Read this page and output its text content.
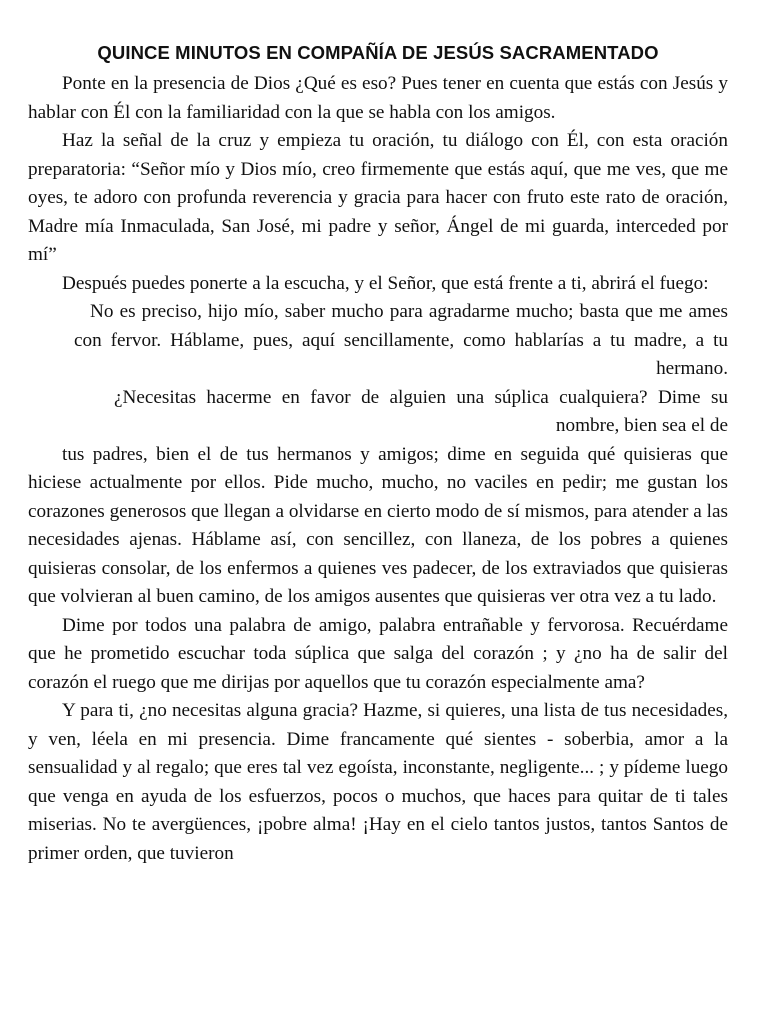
QUINCE MINUTOS EN COMPAÑÍA DE JESÚS SACRAMENTADO

Ponte en la presencia de Dios ¿Qué es eso? Pues tener en cuenta que estás con Jesús y hablar con Él con la familiaridad con la que se habla con los amigos.

Haz la señal de la cruz y empieza tu oración, tu diálogo con Él, con esta oración preparatoria: “Señor mío y Dios mío, creo firmemente que estás aquí, que me ves, que me oyes, te adoro con profunda reverencia y gracia para hacer con fruto este rato de oración, Madre mía Inmaculada, San José, mi padre y señor, Ángel de mi guarda, interceded por mí”

Después puedes ponerte a la escucha, y el Señor, que está frente a ti, abrirá el fuego:

No es preciso, hijo mío, saber mucho para agradarme mucho; basta que me ames con fervor. Háblame, pues, aquí sencillamente, como hablarías a tu madre, a tu hermano.

¿Necesitas hacerme en favor de alguien una súplica cualquiera? Dime su nombre, bien sea el de

tus padres, bien el de tus hermanos y amigos; dime en seguida qué quisieras que hiciese actualmente por ellos. Pide mucho, mucho, no vaciles en pedir; me gustan los corazones generosos que llegan a olvidarse en cierto modo de sí mismos, para atender a las necesidades ajenas. Háblame así, con sencillez, con llaneza, de los pobres a quienes quisieras consolar, de los enfermos a quienes ves padecer, de los extraviados que quisieras que volvieran al buen camino, de los amigos ausentes que quisieras ver otra vez a tu lado.

Dime por todos una palabra de amigo, palabra entrañable y fervorosa. Recuérdame que he prometido escuchar toda súplica que salga del corazón ; y ¿no ha de salir del corazón el ruego que me dirijas por aquellos que tu corazón especialmente ama?

Y para ti, ¿no necesitas alguna gracia? Hazme, si quieres, una lista de tus necesidades, y ven, léela en mi presencia. Dime francamente qué sientes - soberbia, amor a la sensualidad y al regalo; que eres tal vez egoísta, inconstante, negligente... ; y pídeme luego que venga en ayuda de los esfuerzos, pocos o muchos, que haces para quitar de ti tales miserias. No te avergüences, ¡pobre alma! ¡Hay en el cielo tantos justos, tantos Santos de primer orden, que tuvieron
